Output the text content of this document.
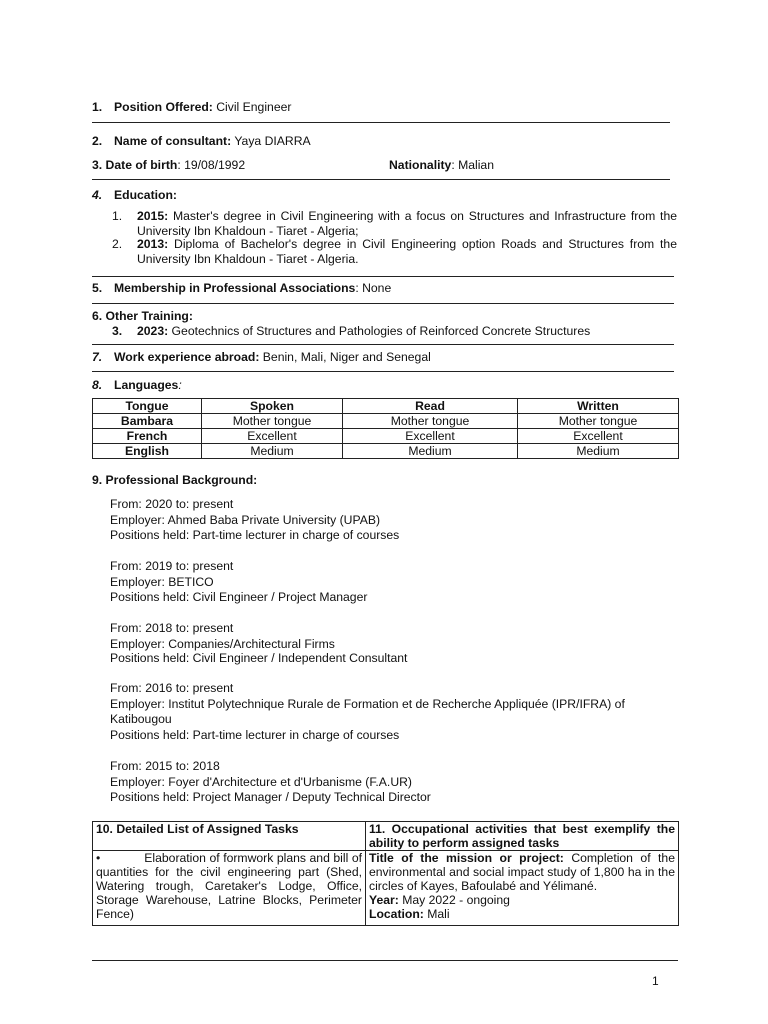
1. Position Offered: Civil Engineer
2. Name of consultant: Yaya DIARRA
3. Date of birth: 19/08/1992	Nationality: Malian
4. Education:
1. 2015: Master's degree in Civil Engineering with a focus on Structures and Infrastructure from the University Ibn Khaldoun - Tiaret - Algeria;
2. 2013: Diploma of Bachelor's degree in Civil Engineering option Roads and Structures from the University Ibn Khaldoun - Tiaret - Algeria.
5. Membership in Professional Associations: None
6. Other Training:
3. 2023: Geotechnics of Structures and Pathologies of Reinforced Concrete Structures
7. Work experience abroad: Benin, Mali, Niger and Senegal
8. Languages:
Tongue	Spoken	Read	Written
Bambara	Mother tongue	Mother tongue	Mother tongue
French	Excellent	Excellent	Excellent
English	Medium	Medium	Medium
9. Professional Background:
From: 2020 to: present
Employer: Ahmed Baba Private University (UPAB)
Positions held: Part-time lecturer in charge of courses
From: 2019 to: present
Employer: BETICO
Positions held: Civil Engineer / Project Manager
From: 2018 to: present
Employer: Companies/Architectural Firms
Positions held: Civil Engineer / Independent Consultant
From: 2016 to: present
Employer: Institut Polytechnique Rurale de Formation et de Recherche Appliquée (IPR/IFRA) of
Katibougou
Positions held: Part-time lecturer in charge of courses
From: 2015 to: 2018
Employer: Foyer d'Architecture et d'Urbanisme (F.A.UR)
Positions held: Project Manager / Deputy Technical Director
10. Detailed List of Assigned Tasks	11. Occupational activities that best exemplify the ability to perform assigned tasks
• Elaboration of formwork plans and bill of quantities for the civil engineering part (Shed, Watering trough, Caretaker's Lodge, Office, Storage Warehouse, Latrine Blocks, Perimeter Fence)	Title of the mission or project: Completion of the environmental and social impact study of 1,800 ha in the circles of Kayes, Bafoulabé and Yélimané.
Year: May 2022 - ongoing
Location: Mali
1
